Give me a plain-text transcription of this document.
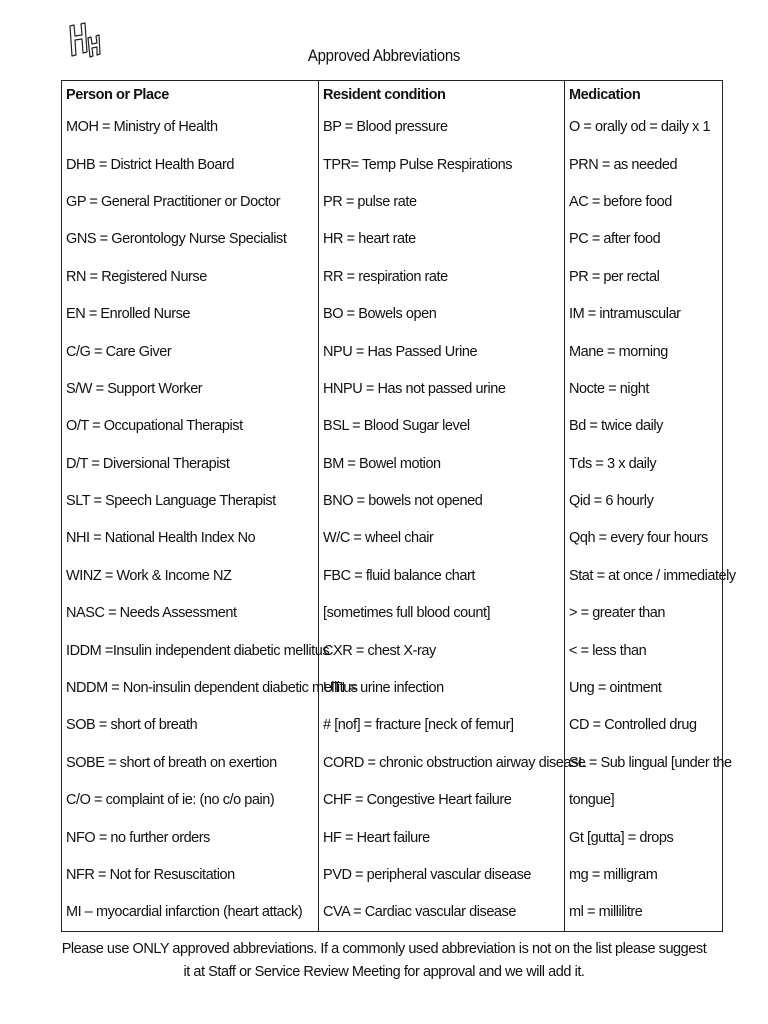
Approved Abbreviations
Person or Place	Resident condition	Medication
MOH = Ministry of Health	BP = Blood pressure	O = orally od = daily x 1
DHB = District Health Board	TPR= Temp Pulse Respirations	PRN = as needed
GP = General Practitioner or Doctor	PR = pulse rate	AC = before food
GNS = Gerontology Nurse Specialist	HR = heart rate	PC = after food
RN = Registered Nurse	RR = respiration rate	PR = per rectal
EN = Enrolled Nurse	BO = Bowels open	IM = intramuscular
C/G = Care Giver	NPU = Has Passed Urine	Mane = morning
S/W = Support Worker	HNPU = Has not passed urine	Nocte = night
O/T = Occupational Therapist	BSL = Blood Sugar level	Bd = twice daily
D/T = Diversional Therapist	BM = Bowel motion	Tds = 3 x daily
SLT = Speech Language Therapist	BNO = bowels not opened	Qid = 6 hourly
NHI = National Health Index No	W/C = wheel chair	Qqh = every four hours
WINZ = Work & Income NZ	FBC = fluid balance chart	Stat = at once / immediately
NASC = Needs Assessment	[sometimes full blood count]	> = greater than
IDDM =Insulin independent diabetic mellitus	CXR = chest X-ray	< = less than
NDDM = Non-insulin dependent diabetic mellitus	UTI = urine infection	Ung = ointment
SOB = short of breath	# [nof] = fracture [neck of femur]	CD = Controlled drug
SOBE = short of breath on exertion	CORD = chronic obstruction airway disease	SL = Sub lingual [under the
C/O = complaint of ie: (no c/o pain)	CHF = Congestive Heart failure	tongue]
NFO = no further orders	HF = Heart failure	Gt [gutta] = drops
NFR = Not for Resuscitation	PVD = peripheral vascular disease	mg = milligram
MI – myocardial infarction (heart attack)	CVA = Cardiac vascular disease	ml = millilitre
Please use ONLY approved abbreviations. If a commonly used abbreviation is not on the list please suggest it at Staff or Service Review Meeting for approval and we will add it.
